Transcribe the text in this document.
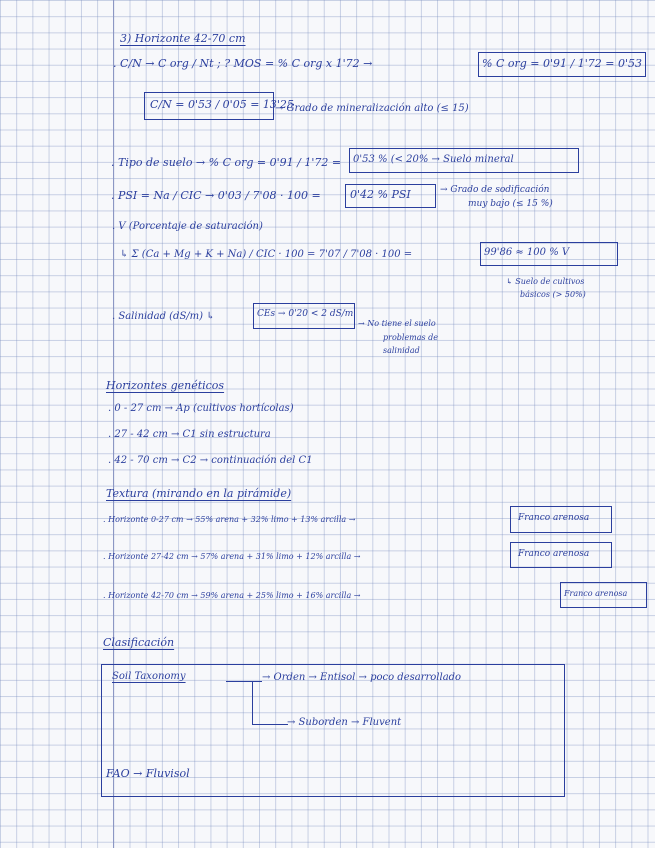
3) Horizonte 42-70 cm
. C/N → C org / Nt ; ? MOS = % C org x 1'72 →	% C org = 0'91 / 1'72 = 0'53
C/N = 0'53 / 0'05 = 13'25
→ Grado de mineralización alto (≤ 15)
. Tipo de suelo → % C org = 0'91 / 1'72 = 0'53 % (< 20% → Suelo mineral
. PSI = Na / CIC → 0'03 / 7'08 · 100 =	0'42 % PSI	→ Grado de sodificación
muy bajo (≤ 15 %)
. V (Porcentaje de saturación)
↳ Σ (Ca + Mg + K + Na) / CIC · 100 = 7'07 / 7'08 · 100 =	99'86 ≈ 100 % V
↳ Suelo de cultivos
básicos (> 50%)
. Salinidad (dS/m) ↳	CEs → 0'20 < 2 dS/m
→ No tiene el suelo
problemas de
salinidad
Horizontes genéticos
. 0 - 27 cm → Ap (cultivos hortícolas)
. 27 - 42 cm → C1 sin estructura
. 42 - 70 cm → C2 → continuación del C1
Textura (mirando en la pirámide)
. Horizonte 0-27 cm → 55% arena + 32% limo + 13% arcilla →	Franco arenosa
. Horizonte 27-42 cm → 57% arena + 31% limo + 12% arcilla →	Franco arenosa
. Horizonte 42-70 cm → 59% arena + 25% limo + 16% arcilla →	Franco arenosa
Clasificación
Soil Taxonomy	→ Orden → Entisol → poco desarrollado
→ Suborden → Fluvent
FAO → Fluvisol
